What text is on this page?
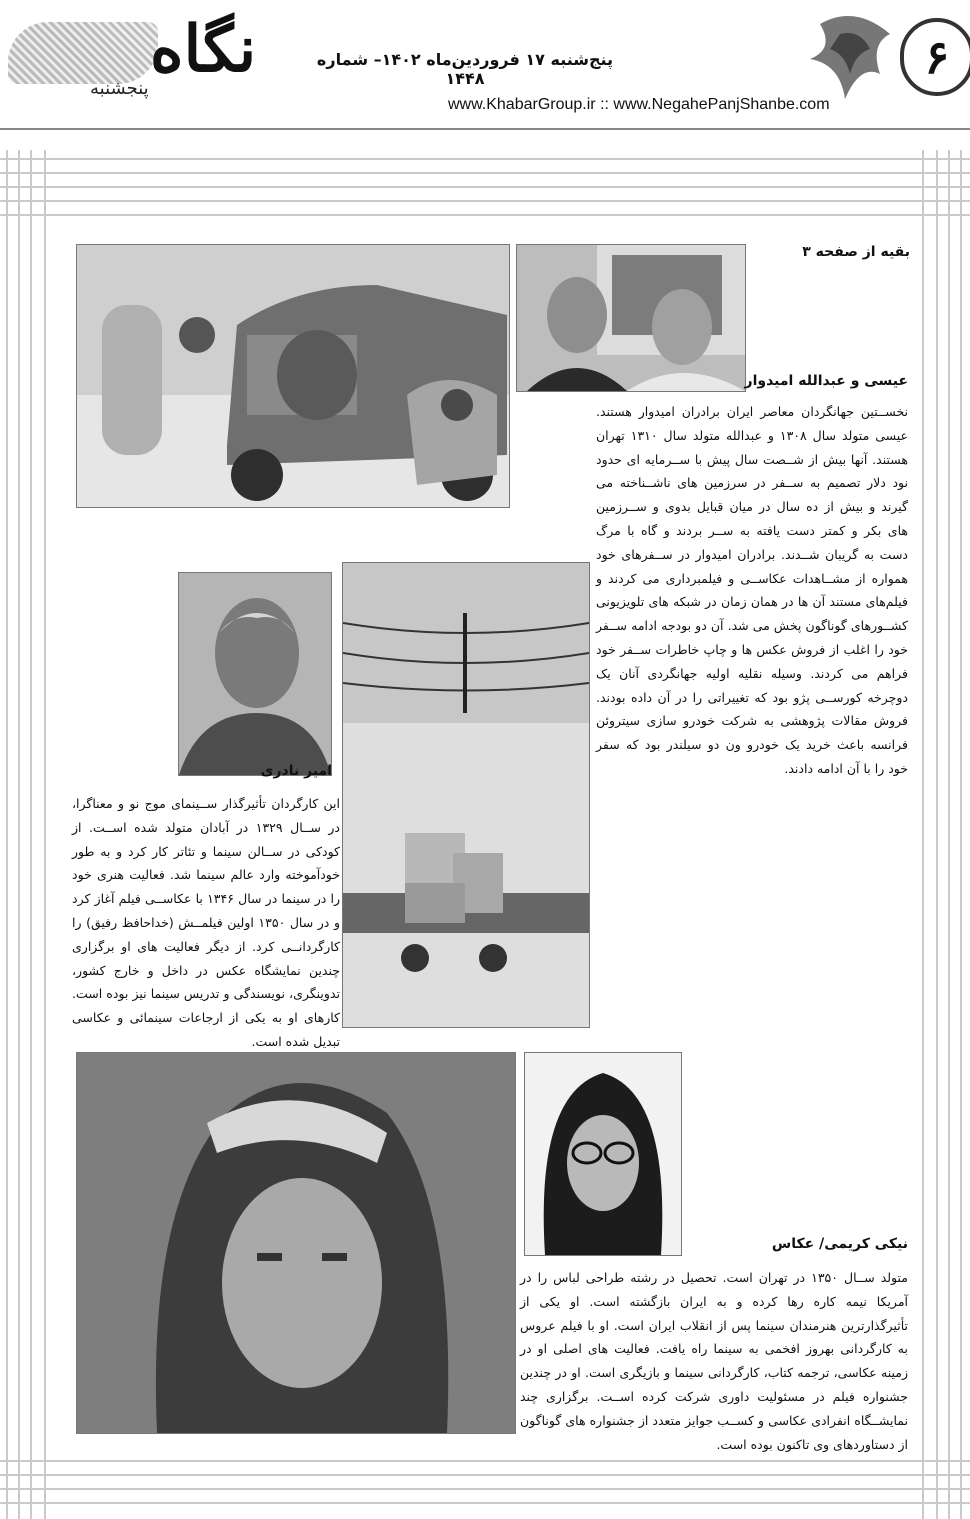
پنجشنبه
نگاه	پنج‌شنبه ۱۷ فروردین‌ماه ۱۴۰۲– شماره ۱۴۴۸
www.KhabarGroup.ir :: www.NegahePanjShanbe.com
۶
بقیه از صفحه ۳
عیسی و عبدالله امیدوار
نخســتین جهانگردان معاصر ایران برادران امیدوار هستند. عیسی متولد سال ۱۳۰۸ و عبدالله متولد سال ۱۳۱۰ تهران هستند. آنها بیش از شــصت سال پیش با ســرمایه ای حدود نود دلار تصمیم به ســفر در سرزمین های ناشــناخته می گیرند و بیش از ده سال در میان قبایل بدوی و ســرزمین های بکر و کمتر دست یافته به ســر بردند و گاه با مرگ دست به گریبان شــدند. برادران امیدوار در ســفرهای خود همواره از مشــاهدات عکاســی و فیلمبرداری می کردند و فیلم‌های مستند آن ها در همان زمان در شبکه های تلویزیونی کشــورهای گوناگون پخش می شد. آن دو بودجه ادامه ســفر خود را اغلب از فروش عکس ها و چاپ خاطرات ســفر خود فراهم می کردند. وسیله نقلیه اولیه جهانگردی آنان یک دوچرخه کورســی پژو بود که تغییراتی را در آن داده بودند. فروش مقالات پژوهشی به شرکت خودرو سازی سیتروئن فرانسه باعث خرید یک خودرو ون دو سیلندر بود که سفر خود را با آن ادامه دادند.
امیر نادری
این کارگردان تأثیرگذار ســینمای موج نو و معناگرا، در ســال ۱۳۲۹ در آبادان متولد شده اســت. از کودکی در ســالن سینما و تئاتر کار کرد و به طور خودآموخته وارد عالم سینما شد. فعالیت هنری خود را در سینما در سال ۱۳۴۶ با عکاســی فیلم آغاز کرد و در سال ۱۳۵۰ اولین فیلمــش (خداحافظ رفیق) را کارگردانــی کرد. از دیگر فعالیت های او برگزاری چندین نمایشگاه عکس در داخل و خارج کشور، تدوینگری، نویسندگی و تدریس سینما نیز بوده است. کارهای او به یکی از ارجاعات سینمائی و عکاسی تبدیل شده است.
نیکی کریمی/ عکاس
متولد ســال ۱۳۵۰ در تهران است. تحصیل در رشته طراحی لباس را در آمریکا نیمه کاره رها کرده و به ایران بازگشته است. او یکی از تأثیرگذارترین هنرمندان سینما پس از انقلاب ایران است. او با فیلم عروس به کارگردانی بهروز افخمی به سینما راه یافت. فعالیت های اصلی او در زمینه عکاسی، ترجمه کتاب، کارگردانی سینما و بازیگری است. او در چندین جشنواره فیلم در مسئولیت داوری شرکت کرده اســت. برگزاری چند نمایشــگاه انفرادی عکاسی و کســب جوایز متعدد از جشنواره های گوناگون از دستاوردهای وی تاکنون بوده است.
